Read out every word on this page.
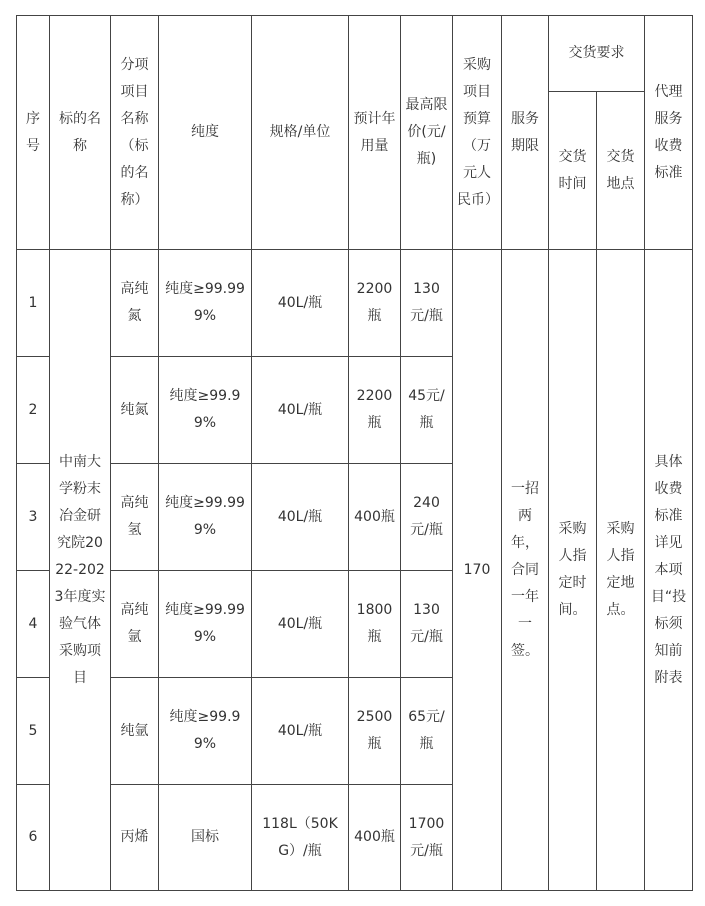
序号	标的名称	分项项目名称（标的名称）	纯度	规格/单位	预计年用量	最高限价(元/瓶)	采购项目预算（万元人民币）	服务期限	交货要求		代理服务收费标准
									交货时间	交货地点	
1	中南大学粉末冶金研究院2022-2023年度实验气体采购项目	高纯氮	纯度≥99.999%	40L/瓶	2200瓶	130元/瓶	170	一招两年，合同一年一签。	采购人指定时间。	采购人指定地点。	具体收费标准详见本项目“投标须知前附表
2		纯氮	纯度≥99.99%	40L/瓶	2200瓶	45元/瓶					
3		高纯氢	纯度≥99.999%	40L/瓶	400瓶	240元/瓶					
4		高纯氩	纯度≥99.999%	40L/瓶	1800瓶	130元/瓶					
5		纯氩	纯度≥99.99%	40L/瓶	2500瓶	65元/瓶					
6		丙烯	国标	118L（50KG）/瓶	400瓶	1700元/瓶					
